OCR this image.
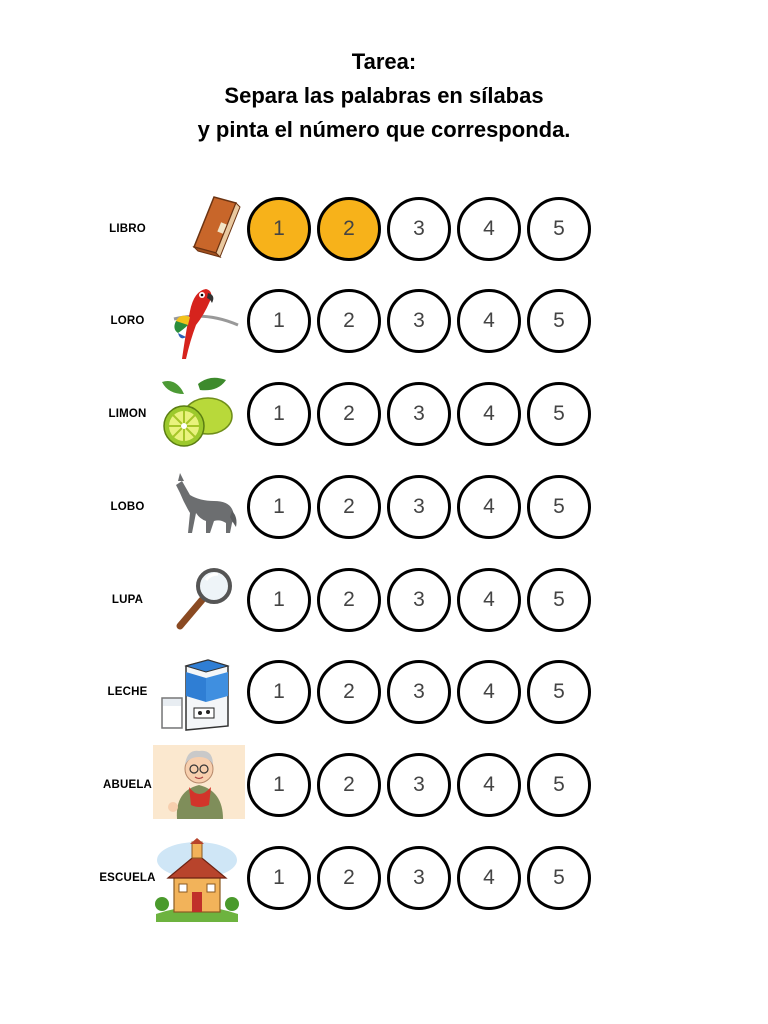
Tarea:
Separa las palabras en sílabas
y pinta el número que corresponda.
LIBRO	1	2	3	4	5
LORO	1	2	3	4	5
LIMON	1	2	3	4	5
LOBO	1	2	3	4	5
LUPA	1	2	3	4	5
LECHE	1	2	3	4	5
ABUELA	1	2	3	4	5
ESCUELA	1	2	3	4	5
